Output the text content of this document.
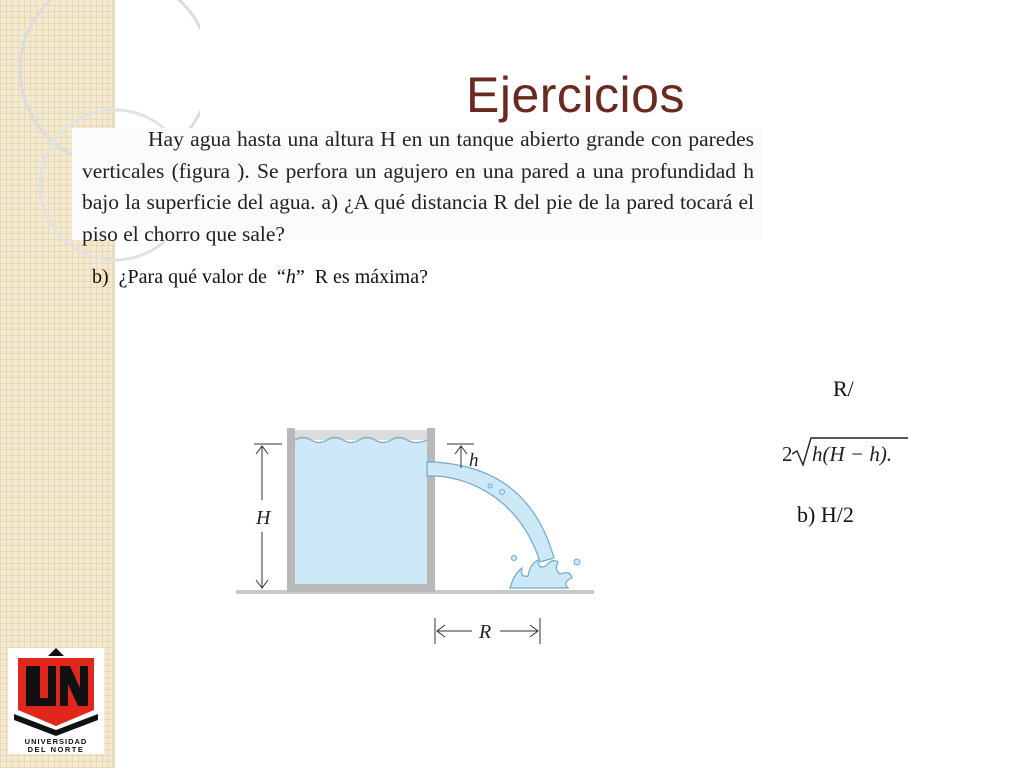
Ejercicios
Hay agua hasta una altura H en un tanque abierto grande con paredes verticales (figura ). Se perfora un agujero en una pared a una profundidad h bajo la superficie del agua. a) ¿A qué distancia R del pie de la pared tocará el piso el chorro que sale?
b)  ¿Para qué valor de  “h”  R es máxima?
R/
2 h(H − h).
b) H/2
H
h
R
UNIVERSIDAD
DEL NORTE
